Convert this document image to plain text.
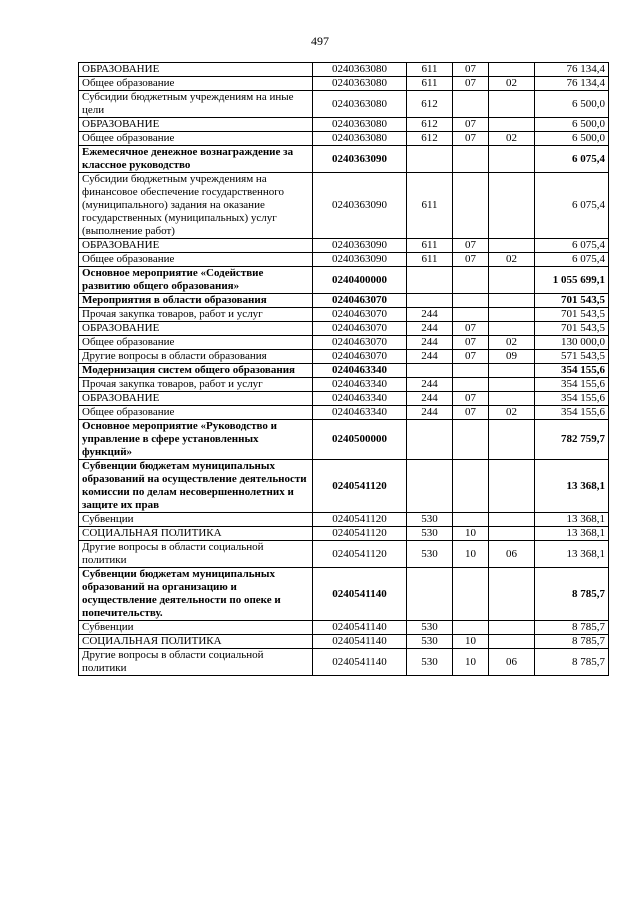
497
ОБРАЗОВАНИЕ	0240363080	611	07		76 134,4
Общее образование	0240363080	611	07	02	76 134,4
Субсидии бюджетным учреждениям на иные цели	0240363080	612			6 500,0
ОБРАЗОВАНИЕ	0240363080	612	07		6 500,0
Общее образование	0240363080	612	07	02	6 500,0
Ежемесячное денежное вознаграждение за классное руководство	0240363090				6 075,4
Субсидии бюджетным учреждениям на финансовое обеспечение государственного (муниципального) задания на оказание государственных (муниципальных) услуг (выполнение работ)	0240363090	611			6 075,4
ОБРАЗОВАНИЕ	0240363090	611	07		6 075,4
Общее образование	0240363090	611	07	02	6 075,4
Основное мероприятие «Содействие развитию общего образования»	0240400000				1 055 699,1
Мероприятия в области образования	0240463070				701 543,5
Прочая закупка товаров, работ и услуг	0240463070	244			701 543,5
ОБРАЗОВАНИЕ	0240463070	244	07		701 543,5
Общее образование	0240463070	244	07	02	130 000,0
Другие вопросы в области образования	0240463070	244	07	09	571 543,5
Модернизация систем общего образования	0240463340				354 155,6
Прочая закупка товаров, работ и услуг	0240463340	244			354 155,6
ОБРАЗОВАНИЕ	0240463340	244	07		354 155,6
Общее образование	0240463340	244	07	02	354 155,6
Основное мероприятие «Руководство и управление в сфере установленных функций»	0240500000				782 759,7
Субвенции бюджетам муниципальных образований на осуществление деятельности комиссии по делам несовершеннолетних и защите их прав	0240541120				13 368,1
Субвенции	0240541120	530			13 368,1
СОЦИАЛЬНАЯ ПОЛИТИКА	0240541120	530	10		13 368,1
Другие вопросы в области социальной политики	0240541120	530	10	06	13 368,1
Субвенции бюджетам муниципальных образований на организацию и осуществление деятельности по опеке и попечительству.	0240541140				8 785,7
Субвенции	0240541140	530			8 785,7
СОЦИАЛЬНАЯ ПОЛИТИКА	0240541140	530	10		8 785,7
Другие вопросы в области социальной политики	0240541140	530	10	06	8 785,7
